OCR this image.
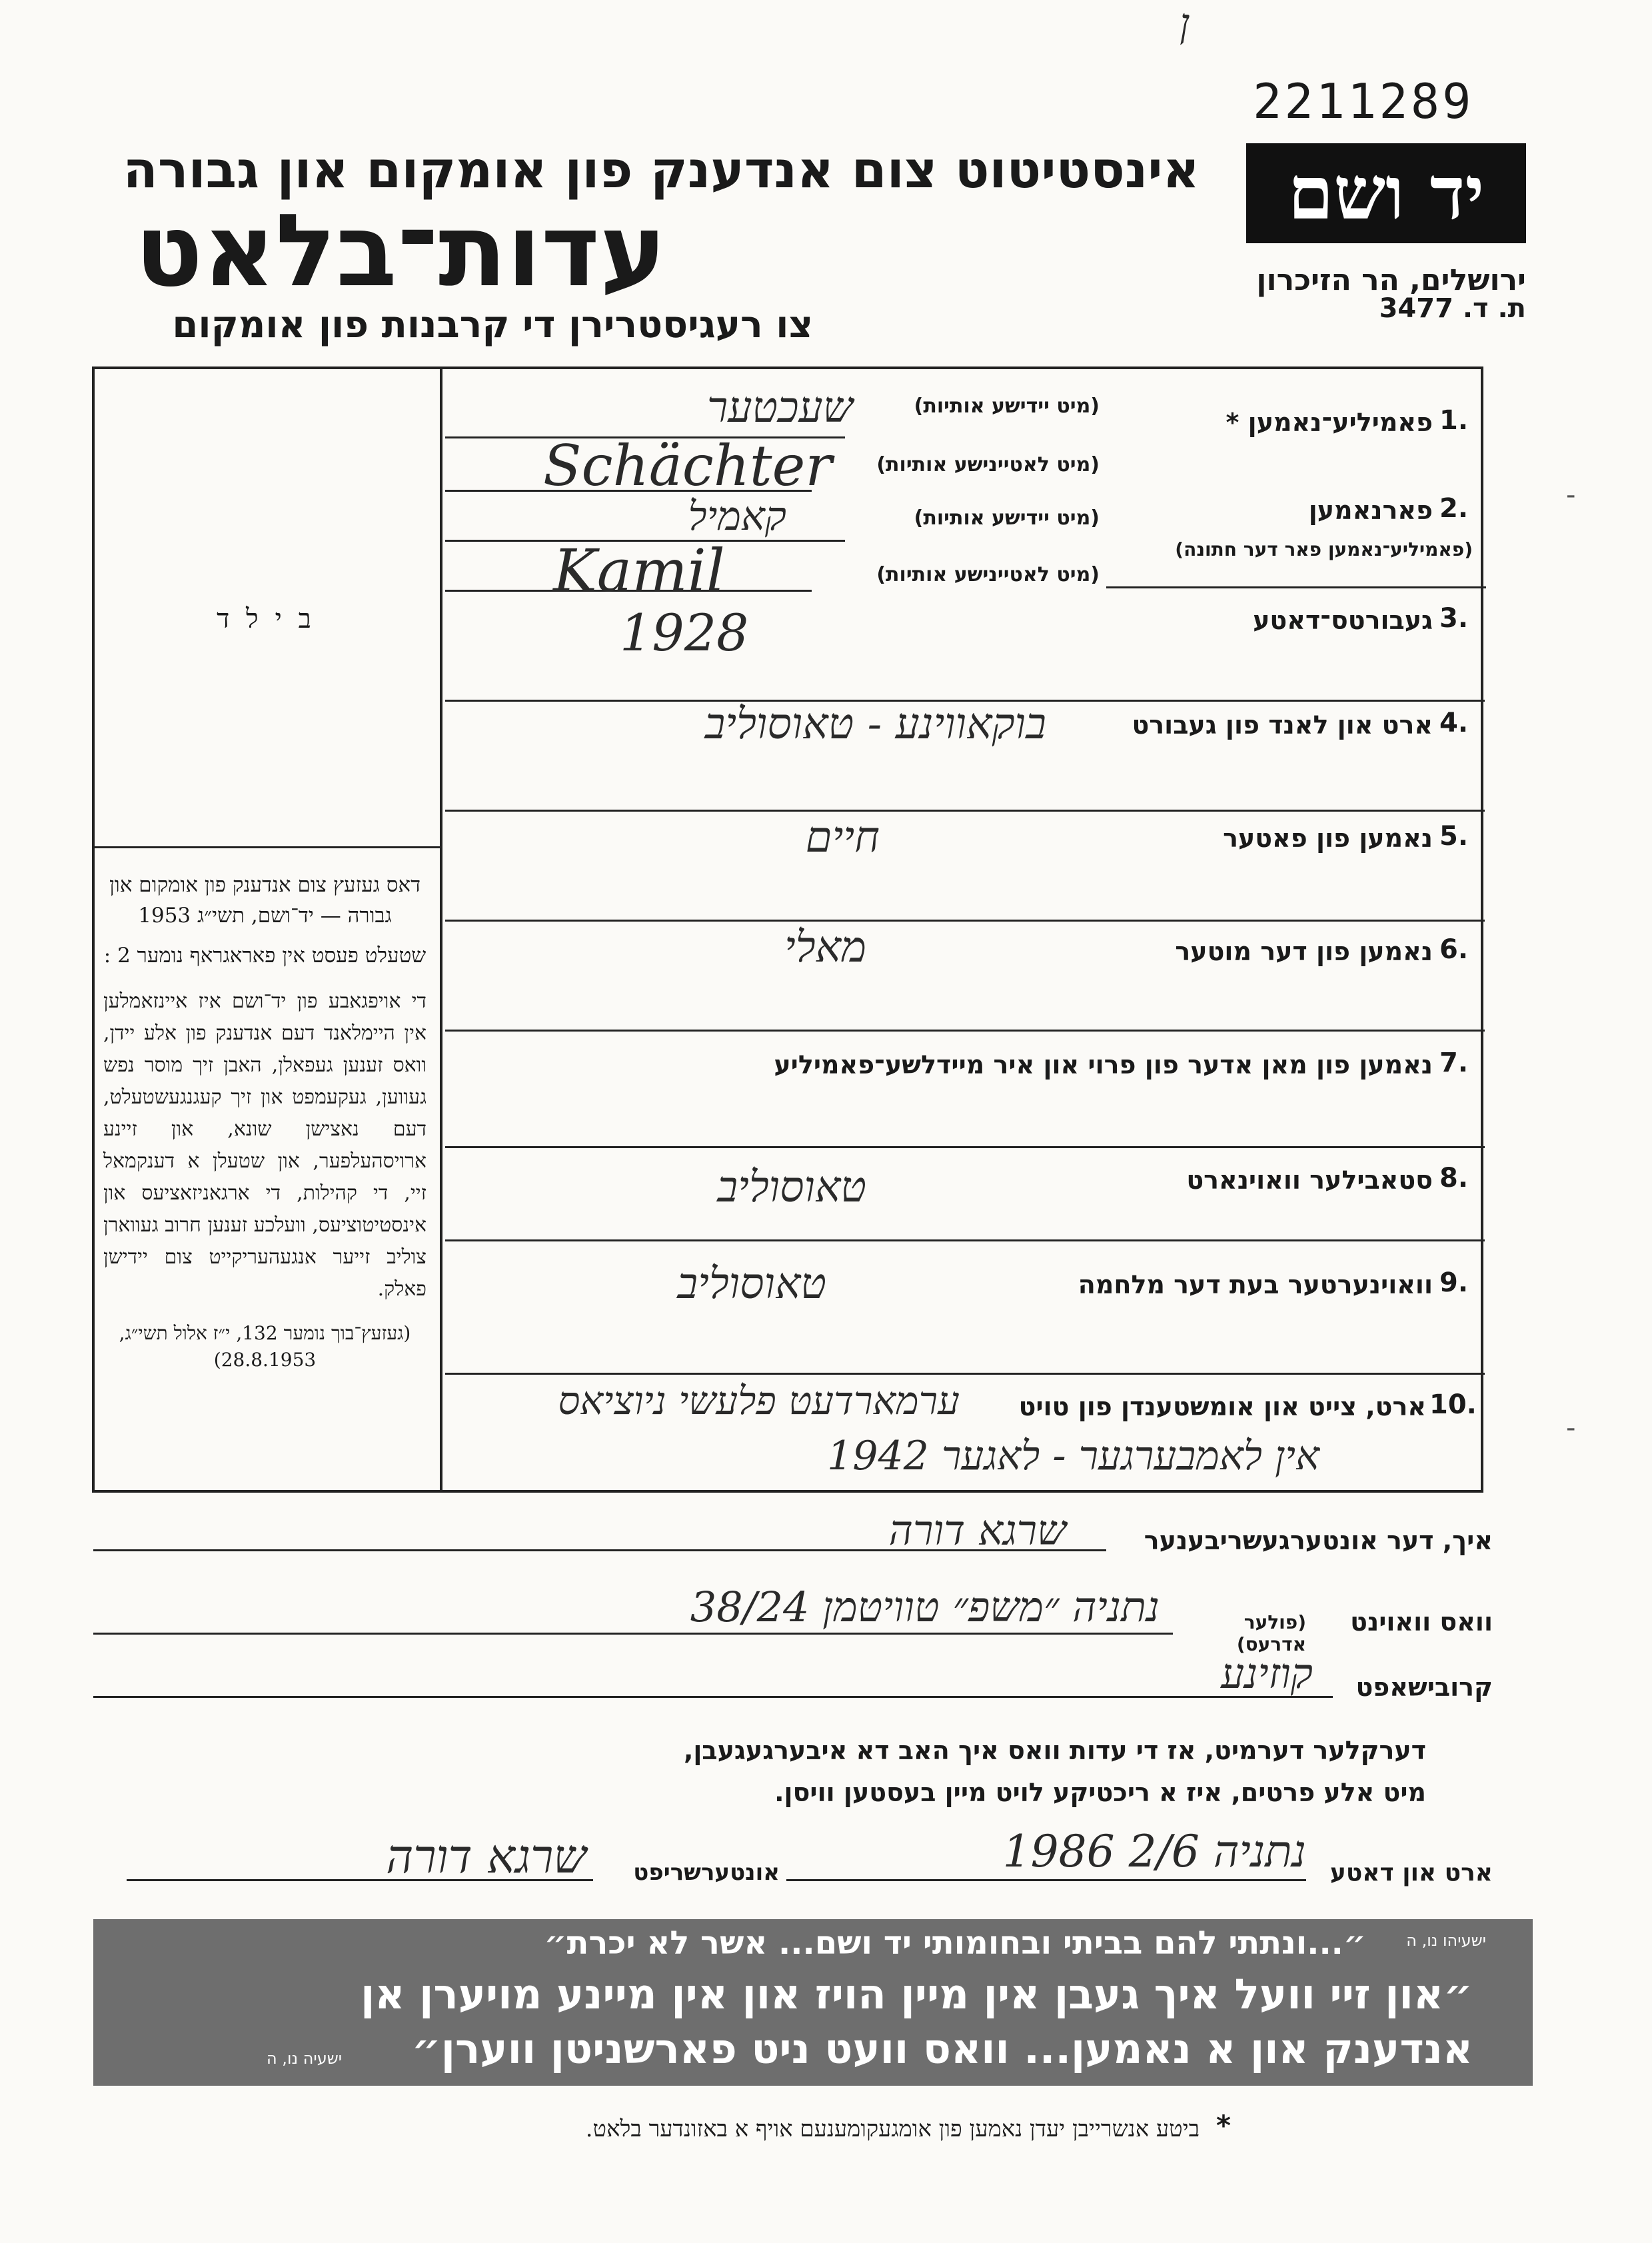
ן
2211289
אינסטיטוט צום אנדענק פון אומקום און גבורה
עדות־בלאט
צו רעגיסטרירן די קרבנות פון אומקום
יד ושם
ירושלים, הר הזיכרון
ת. ד. 3477
ב י ל ד
דאס געזעץ צום אנדענק פון אומקום און גבורה — יד־ושם, תשי״ג 1953
שטעלט פעסט אין פאראגראף נומער 2 :
די אויפגאבע פון יד־ושם איז איינזאמלען אין היימלאנד דעם אנדענק פון אלע יידן, וואס זענען געפאלן, האבן זיך מוסר נפש געווען, געקעמפט און זיך קעגנגעשטעלט, דעם נאצישן שונא, און זיינע ארויסהעלפער, און שטעלן א דענקמאל זיי, די קהילות, די ארגאניזאציעס און אינסטיטוציעס, וועלכע זענען חרוב געווארן צוליב זייער אנגעהעריקייט צום יידישן פאלק.
(געזעץ־בוך נומער 132, י״ז אלול תשי״ג, 28.8.1953)
1.
פאמיליע־נאמען *
(מיט יידישע אותיות)
(מיט לאטיינישע אותיות)
שעכטער
Schächter
2.
פארנאמען
(פאמיליע־נאמען פאר דער חתונה)
(מיט יידישע אותיות)
(מיט לאטיינישע אותיות)
קאמיל
Kamil
3.
געבורטס־דאטע
1928
4.
ארט און לאנד פון געבורט
בוקאווינע - טאוסוליב
5.
נאמען פון פאטער
חיים
6.
נאמען פון דער מוטער
מאלי
7.
נאמען פון מאן אדער פון פרוי און איר מיידלשע־פאמיליע
8.
סטאבילער וואוינארט
טאוסוליב
9.
וואוינערטער בעת דער מלחמה
טאוסוליב
10.
ארט, צייט און אומשטענדן פון טויט
ערמארדעט פלעשי ניוציאס
אין לאמבערגער - לאגער 1942
איך, דער אונטערגעשריבענער
שרגא דורה
וואס וואוינט
(פולער אדרעס)
נתניה ״משפ״ טוויטמן 38/24
קרובישאפט
קוזינע
דערקלער דערמיט, אז די עדות וואס איך האב דא איבערגעגעבן,
מיט אלע פרטים, איז א ריכטיקע לויט מיין בעסטען וויסן.
ארט און דאטע
נתניה 2/6 1986
אונטערשריפט
שרגא דורה
ישעיהו נו, ה
״...ונתתי להם בביתי ובחומותי יד ושם... אשר לא יכרת״
״און זיי וועל איך געבן אין מיין הויז און אין מיינע מויערן אן
אנדענק און א נאמען... וואס וועט ניט פארשניטן ווערן״
ישעיה נו, ה
*
ביטע אנשרייבן יעדן נאמען פון אומגעקומענעם אויף א באזונדער בלאט.
-
-
